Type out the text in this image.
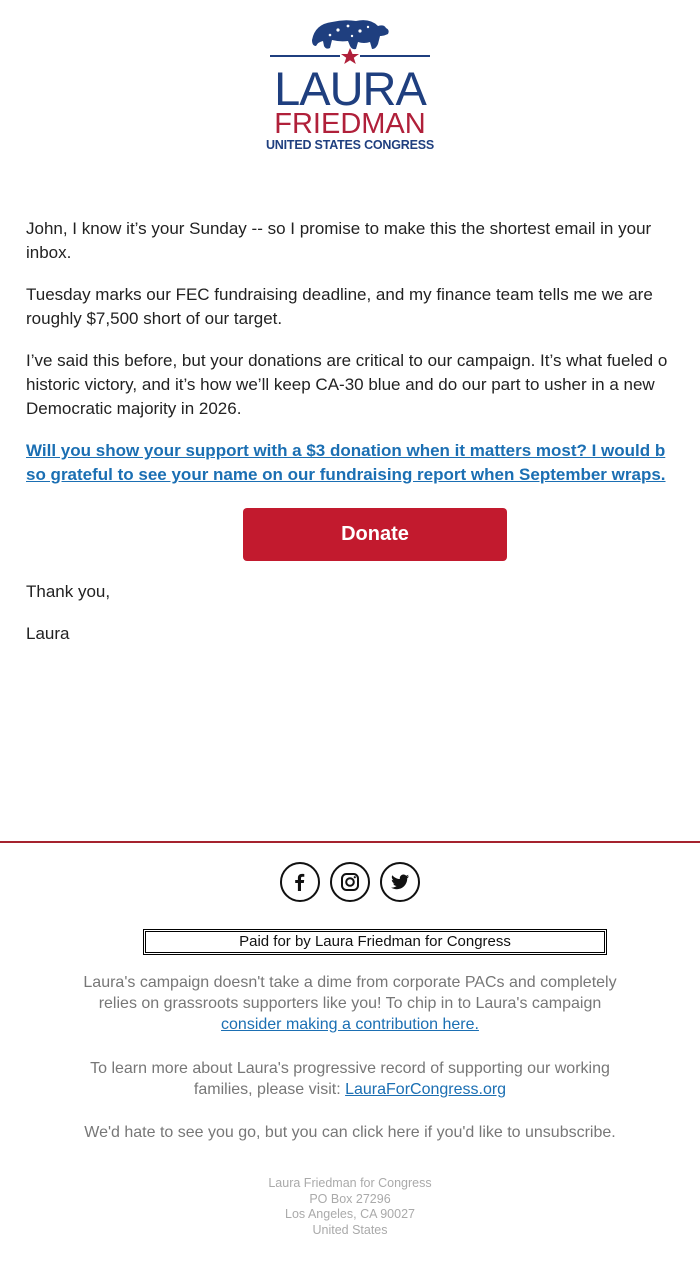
LAURA
FRIEDMAN
UNITED STATES CONGRESS

John, I know it’s your Sunday -- so I promise to make this the shortest email in your
inbox.

Tuesday marks our FEC fundraising deadline, and my finance team tells me we are
roughly $7,500 short of our target.

I’ve said this before, but your donations are critical to our campaign. It’s what fueled o
historic victory, and it’s how we’ll keep CA-30 blue and do our part to usher in a new
Democratic majority in 2026.

Will you show your support with a $3 donation when it matters most? I would b
so grateful to see your name on our fundraising report when September wraps.

Donate

Thank you,

Laura

Paid for by Laura Friedman for Congress
Laura's campaign doesn't take a dime from corporate PACs and completely
relies on grassroots supporters like you! To chip in to Laura's campaign
consider making a contribution here.
To learn more about Laura's progressive record of supporting our working
families, please visit: LauraForCongress.org
We'd hate to see you go, but you can click here if you'd like to unsubscribe.
Laura Friedman for Congress
PO Box 27296
Los Angeles, CA 90027
United States
